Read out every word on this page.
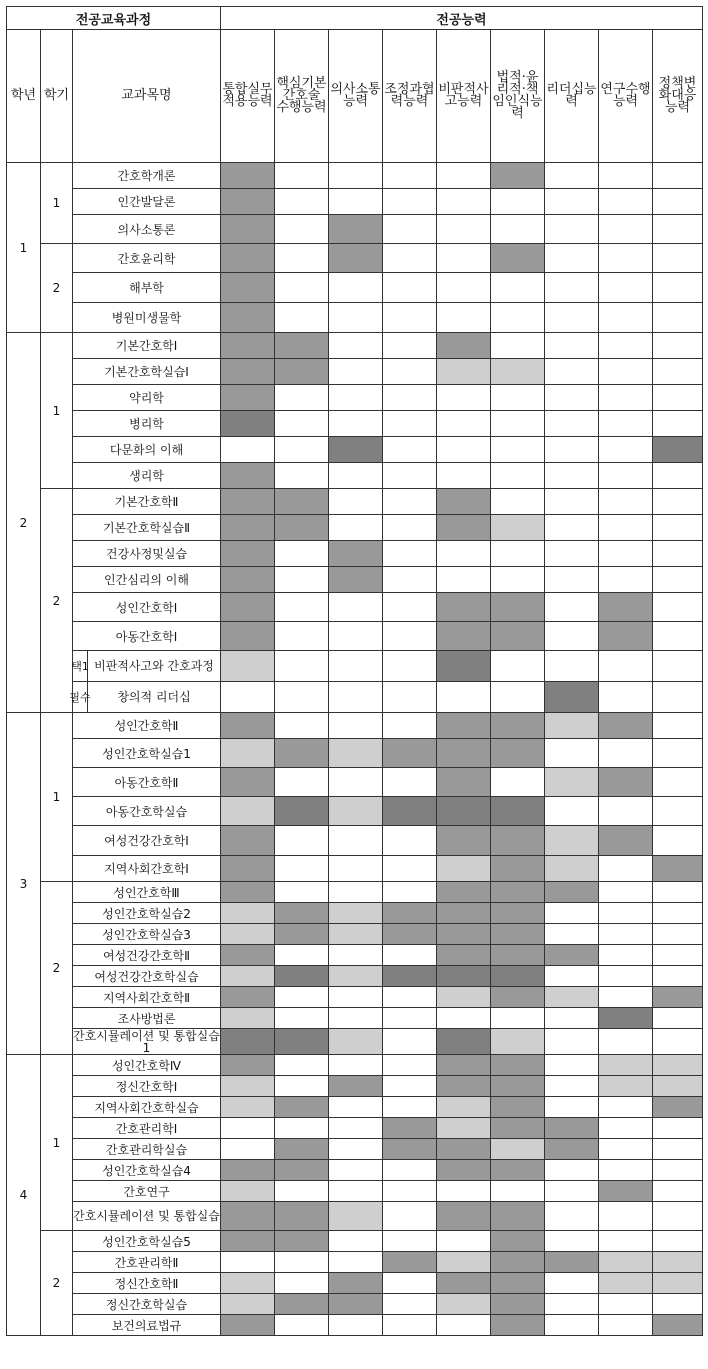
전공교육과정			전공능력								
학년	학기	교과목명	통합실무적용능력	핵심기본간호술 수행능력	의사소통능력	조정과협력능력	비판적사고능력	법적·윤리적·책임인식능력	리더십능력	연구수행능력	정책변화대응능력
1	1	간호학개론									
		인간발달론									
		의사소통론									
	2	간호윤리학									
		해부학									
		병원미생물학									
2	1	기본간호학Ⅰ									
		기본간호학실습Ⅰ									
		약리학									
		병리학									
		다문화의 이해									
		생리학									
	2	기본간호학Ⅱ									
		기본간호학실습Ⅱ									
		건강사정및실습									
		인간심리의 이해									
		성인간호학Ⅰ									
		아동간호학Ⅰ									

택1 비판적사고와 간호과정									

필수 창의적 리더십									

3	1	성인간호학Ⅱ									
		성인간호학실습1									
		아동간호학Ⅱ									
		아동간호학실습									
		여성건강간호학Ⅰ									
		지역사회간호학Ⅰ									
	2	성인간호학Ⅲ									
		성인간호학실습2									
		성인간호학실습3									
		여성건강간호학Ⅱ									
		여성건강간호학실습									
		지역사회간호학Ⅱ									
		조사방법론									
		간호시뮬레이션 및 통합실습1									
4	1	성인간호학Ⅳ									
		정신간호학Ⅰ									
		지역사회간호학실습									
		간호관리학Ⅰ									
		간호관리학실습									
		성인간호학실습4									
		간호연구									
		간호시뮬레이션 및 통합실습									
	2	성인간호학실습5									
		간호관리학Ⅱ									
		정신간호학Ⅱ									
		정신간호학실습									
		보건의료법규									
